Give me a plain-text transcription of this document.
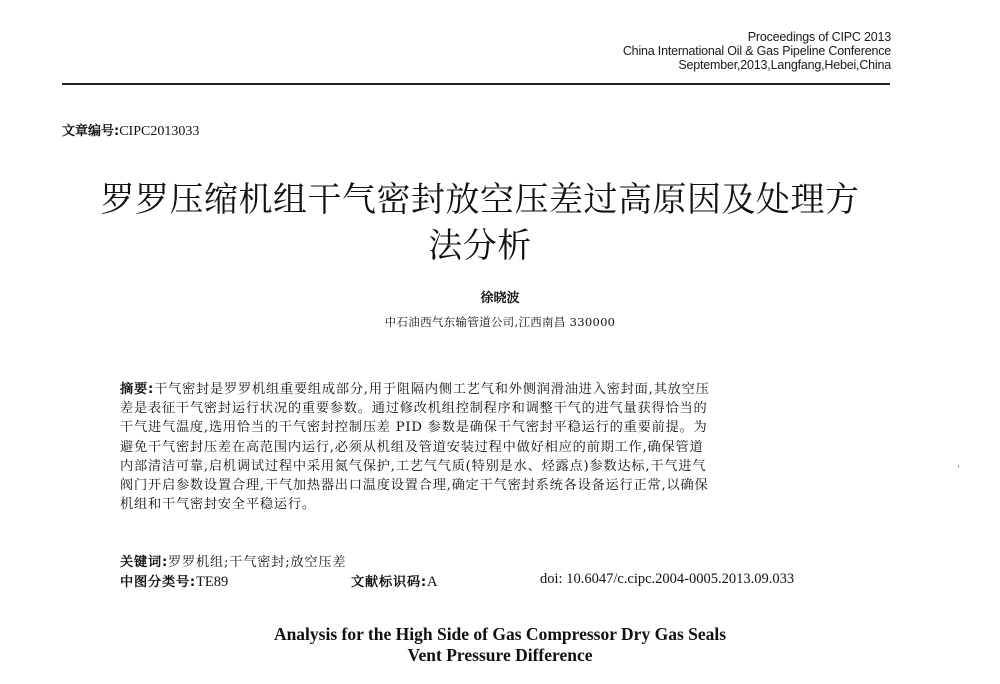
Proceedings of CIPC 2013
China International Oil & Gas Pipeline Conference
September,2013,Langfang,Hebei,China
文章编号:CIPC2013033
罗罗压缩机组干气密封放空压差过高原因及处理方
法分析
徐晓波
中石油西气东输管道公司,江西南昌 330000
摘要:干气密封是罗罗机组重要组成部分,用于阻隔内侧工艺气和外侧润滑油进入密封面,其放空压
差是表征干气密封运行状况的重要参数。通过修改机组控制程序和调整干气的进气量获得恰当的
干气进气温度,选用恰当的干气密封控制压差 PID 参数是确保干气密封平稳运行的重要前提。为
避免干气密封压差在高范围内运行,必须从机组及管道安装过程中做好相应的前期工作,确保管道
内部清洁可靠,启机调试过程中采用氮气保护,工艺气气质(特别是水、烃露点)参数达标,干气进气
阀门开启参数设置合理,干气加热器出口温度设置合理,确定干气密封系统各设备运行正常,以确保
机组和干气密封安全平稳运行。
关键词:罗罗机组;干气密封;放空压差
中图分类号:TE89	文献标识码:A	doi: 10.6047/c.cipc.2004-0005.2013.09.033
Analysis for the High Side of Gas Compressor Dry Gas Seals
Vent Pressure Difference
